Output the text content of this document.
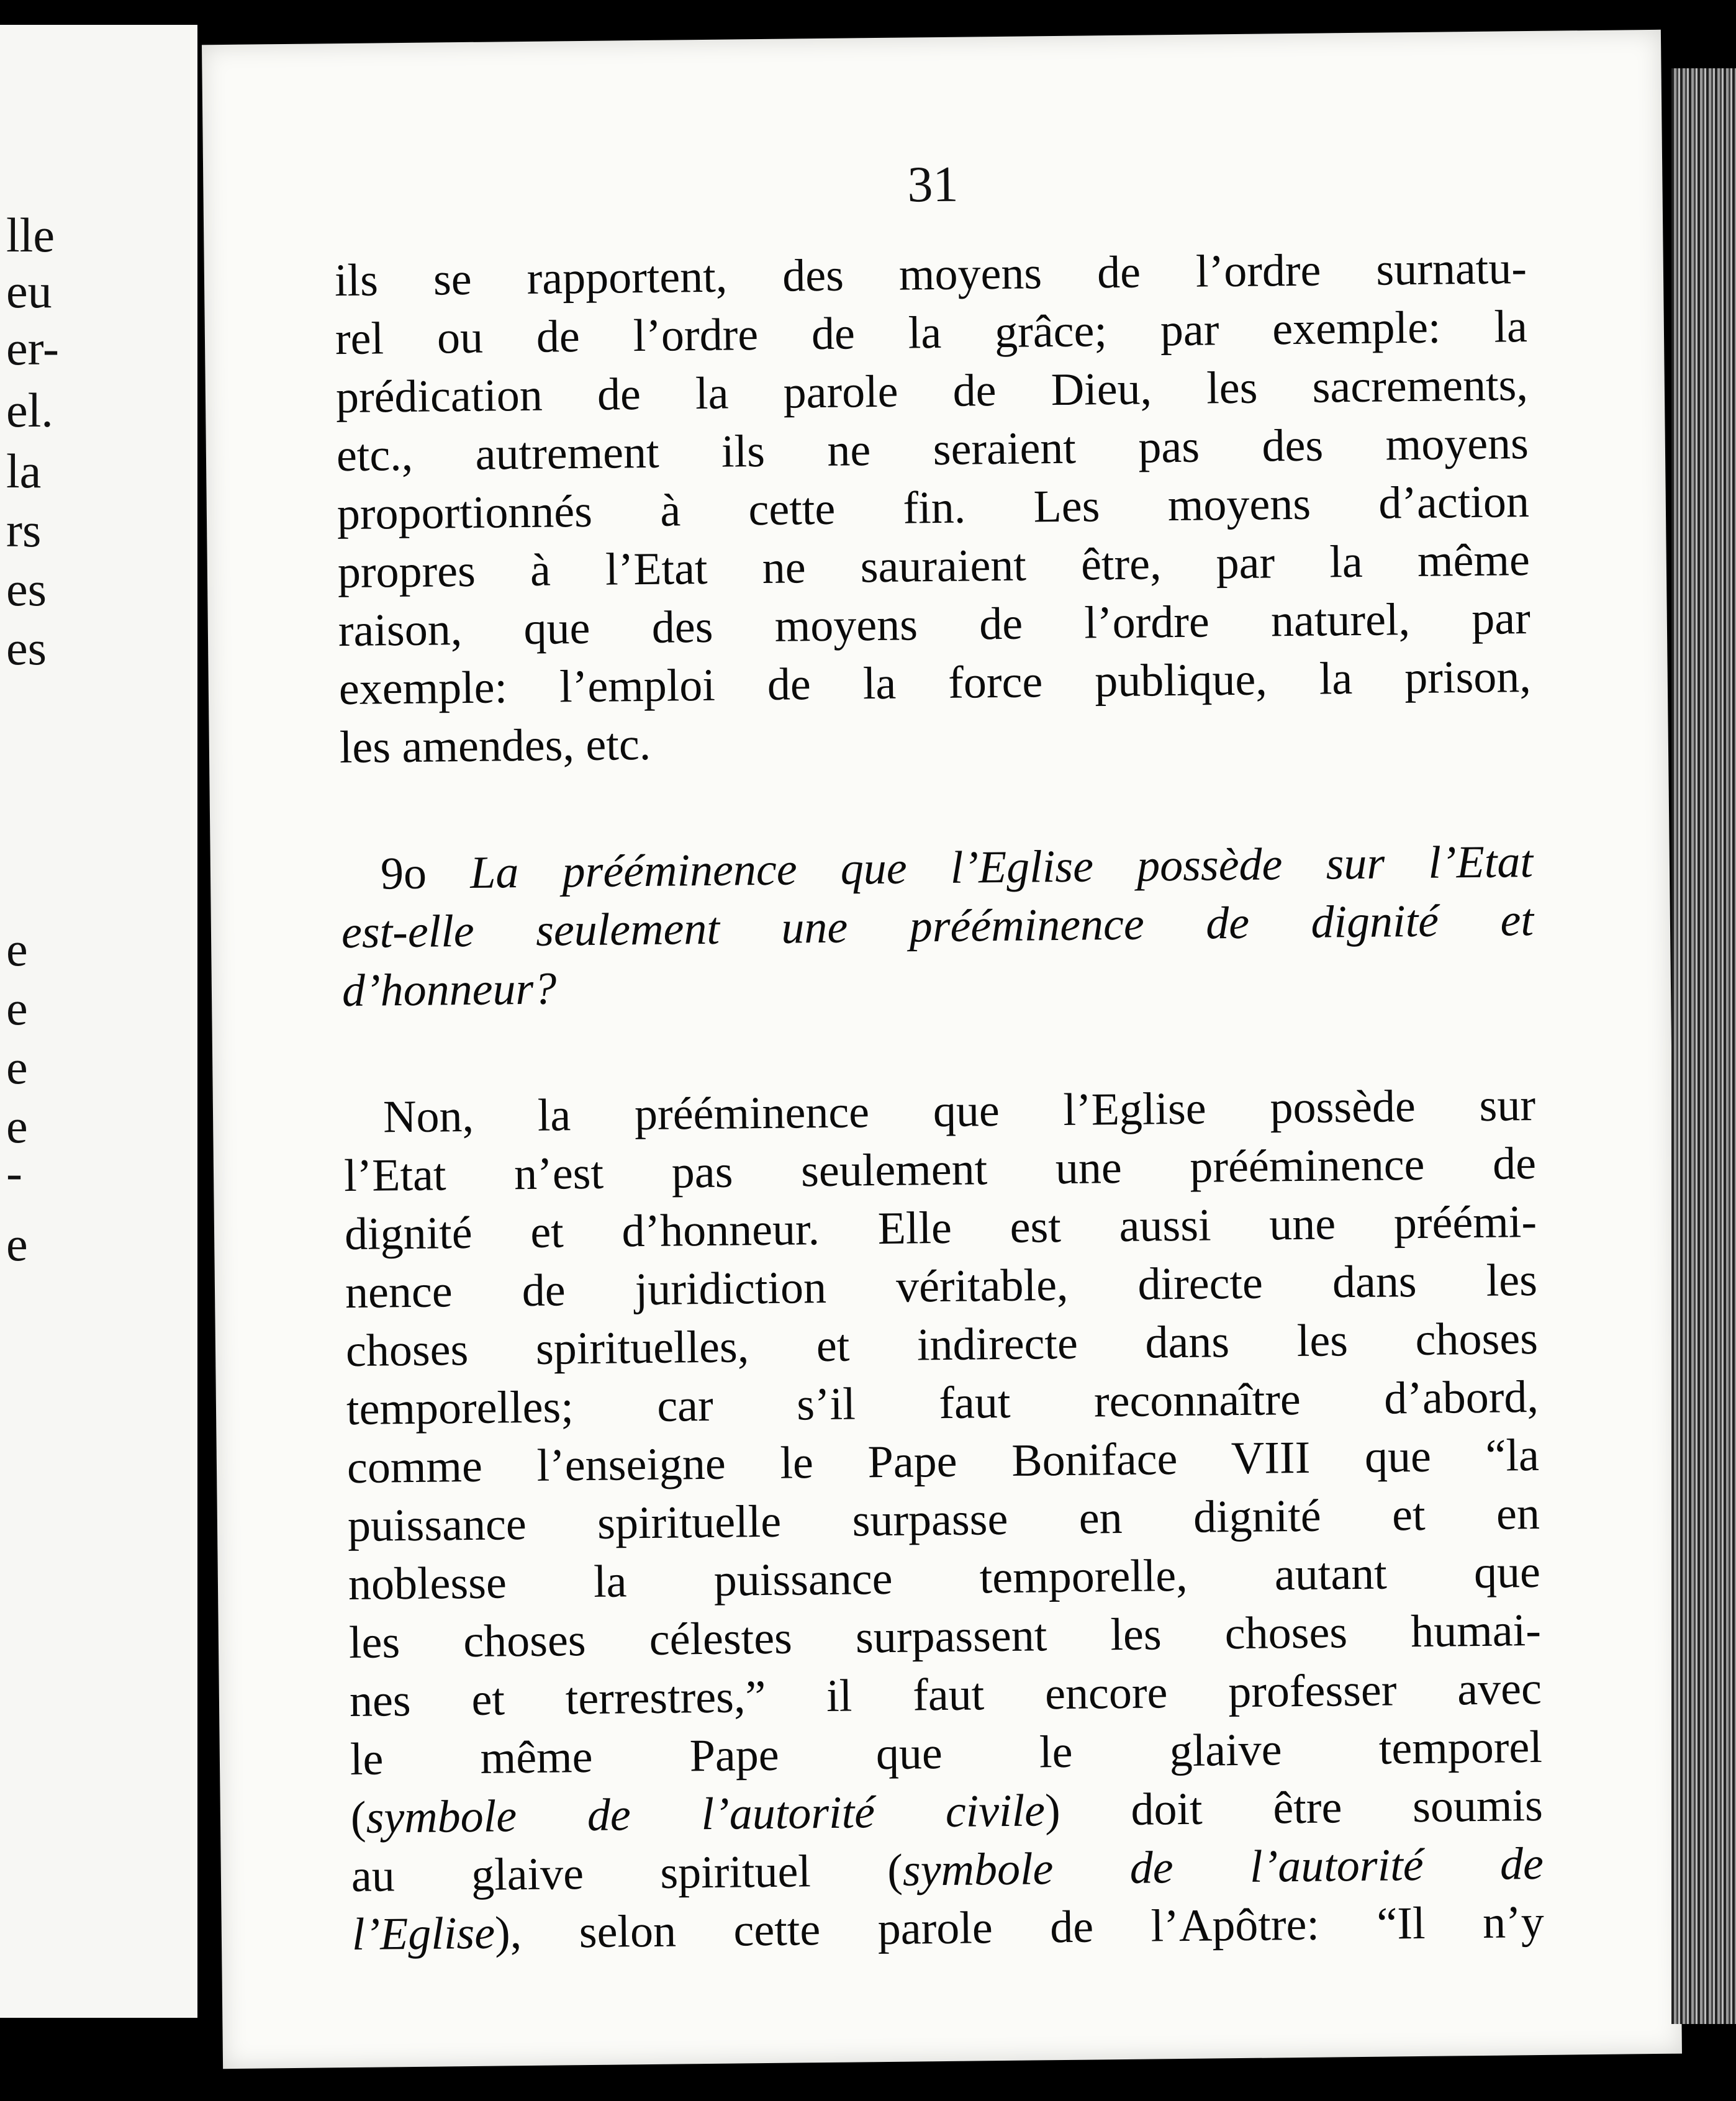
lle
eu
er-
el.
la
rs
es
es
e
e
e
e
-
e
31
ils se rapportent, des moyens de l’ordre surnatu-
rel ou de l’ordre de la grâce; par exemple: la
prédication de la parole de Dieu, les sacrements,
etc., autrement ils ne seraient pas des moyens
proportionnés à cette fin. Les moyens d’action
propres à l’Etat ne sauraient être, par la même
raison, que des moyens de l’ordre naturel, par
exemple: l’emploi de la force publique, la prison,
les amendes, etc.
9o La prééminence que l’Eglise possède sur l’Etat
est-elle seulement une prééminence de dignité et
d’honneur?
Non, la prééminence que l’Eglise possède sur
l’Etat n’est pas seulement une prééminence de
dignité et d’honneur. Elle est aussi une préémi-
nence de juridiction véritable, directe dans les
choses spirituelles, et indirecte dans les choses
temporelles; car s’il faut reconnaître d’abord,
comme l’enseigne le Pape Boniface VIII que “la
puissance spirituelle surpasse en dignité et en
noblesse la puissance temporelle, autant que
les choses célestes surpassent les choses humai-
nes et terrestres,” il faut encore professer avec
le même Pape que le glaive temporel
(symbole de l’autorité civile) doit être soumis
au glaive spirituel (symbole de l’autorité de
l’Eglise), selon cette parole de l’Apôtre: “Il n’y
